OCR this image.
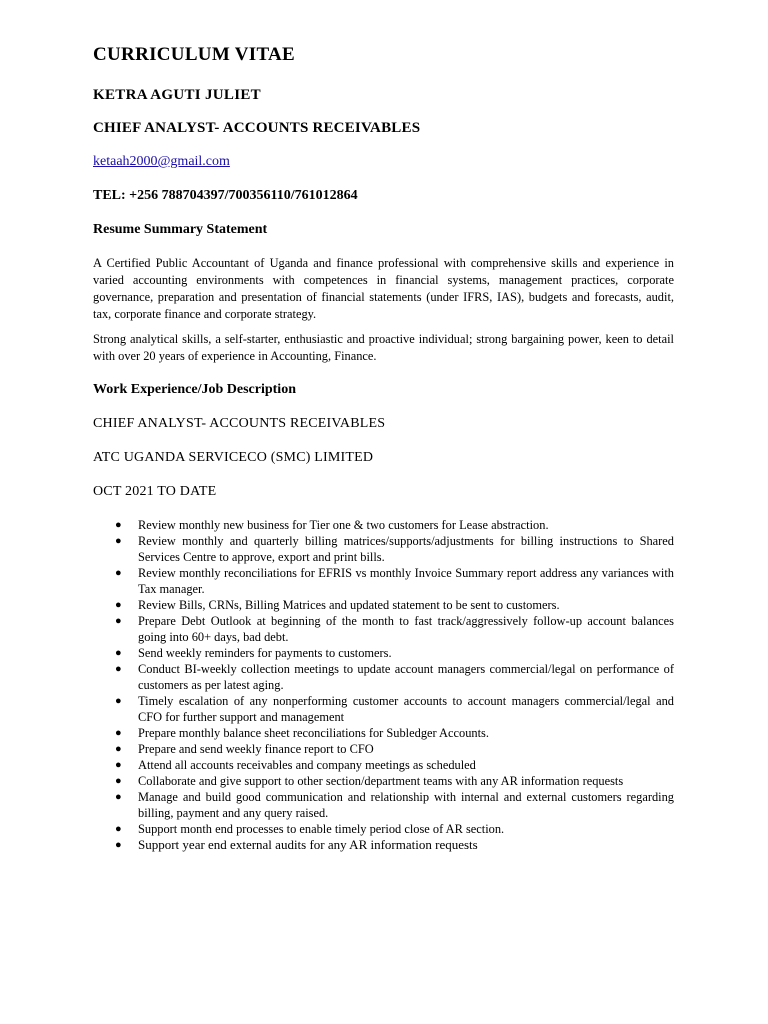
CURRICULUM VITAE
KETRA AGUTI JULIET
CHIEF ANALYST- ACCOUNTS RECEIVABLES
ketaah2000@gmail.com

TEL: +256 788704397/700356110/761012864

Resume Summary Statement

A Certified Public Accountant of Uganda and finance professional with comprehensive skills and experience in varied accounting environments with competences in financial systems, management practices, corporate governance, preparation and presentation of financial statements (under IFRS, IAS), budgets and forecasts, audit, tax, corporate finance and corporate strategy.

Strong analytical skills, a self-starter, enthusiastic and proactive individual; strong bargaining power, keen to detail with over 20 years of experience in Accounting, Finance.

Work Experience/Job Description

CHIEF ANALYST- ACCOUNTS RECEIVABLES

ATC UGANDA SERVICECO (SMC) LIMITED

OCT 2021 TO DATE

● Review monthly new business for Tier one & two customers for Lease abstraction.
● Review monthly and quarterly billing matrices/supports/adjustments for billing instructions to Shared Services Centre to approve, export and print bills.
● Review monthly reconciliations for EFRIS vs monthly Invoice Summary report address any variances with Tax manager.
● Review Bills, CRNs, Billing Matrices and updated statement to be sent to customers.
● Prepare Debt Outlook at beginning of the month to fast track/aggressively follow-up account balances going into 60+ days, bad debt.
● Send weekly reminders for payments to customers.
● Conduct BI-weekly collection meetings to update account managers commercial/legal on performance of customers as per latest aging.
● Timely escalation of any nonperforming customer accounts to account managers commercial/legal and CFO for further support and management
● Prepare monthly balance sheet reconciliations for Subledger Accounts.
● Prepare and send weekly finance report to CFO
● Attend all accounts receivables and company meetings as scheduled
● Collaborate and give support to other section/department teams with any AR information requests
● Manage and build good communication and relationship with internal and external customers regarding billing, payment and any query raised.
● Support month end processes to enable timely period close of AR section.
● Support year end external audits for any AR information requests
